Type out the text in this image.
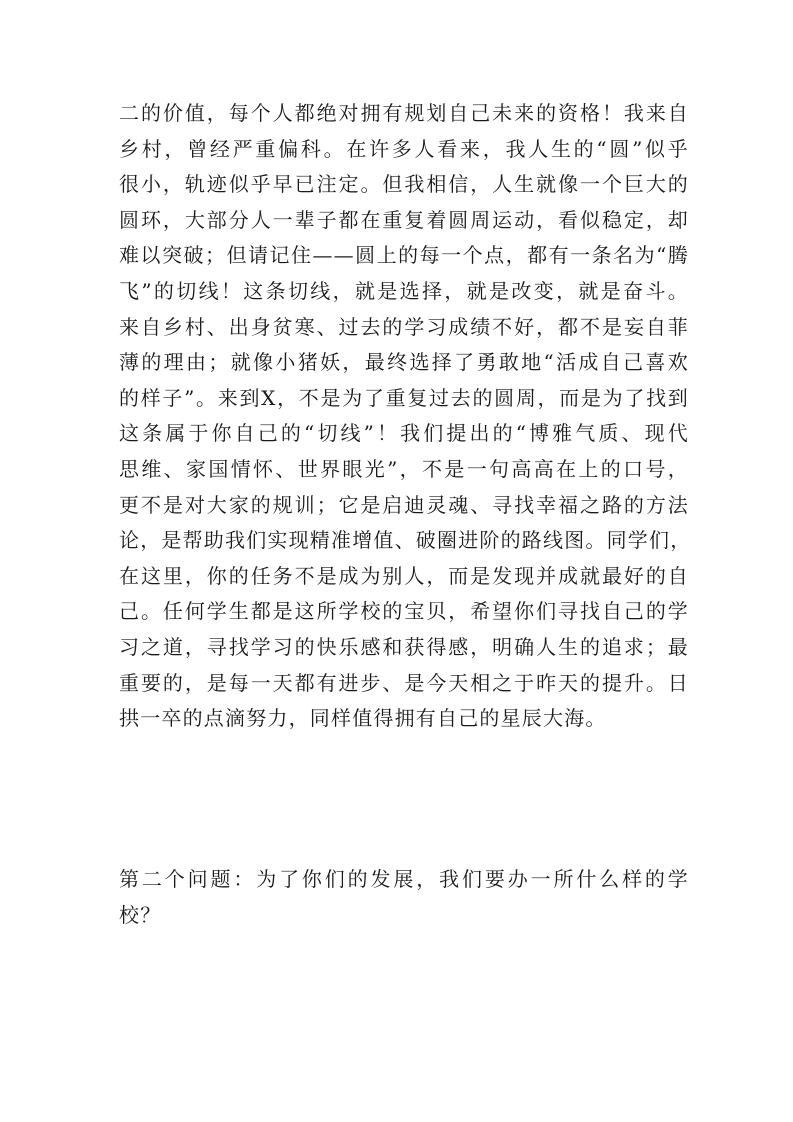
二的价值，每个人都绝对拥有规划自己未来的资格！我来自
乡村，曾经严重偏科。在许多人看来，我人生的“圆”似乎
很小，轨迹似乎早已注定。但我相信，人生就像一个巨大的
圆环，大部分人一辈子都在重复着圆周运动，看似稳定，却
难以突破；但请记住——圆上的每一个点，都有一条名为“腾
飞”的切线！这条切线，就是选择，就是改变，就是奋斗。
来自乡村、出身贫寒、过去的学习成绩不好，都不是妄自菲
薄的理由；就像小猪妖，最终选择了勇敢地“活成自己喜欢
的样子”。来到X，不是为了重复过去的圆周，而是为了找到
这条属于你自己的“切线”！我们提出的“博雅气质、现代
思维、家国情怀、世界眼光”，不是一句高高在上的口号，
更不是对大家的规训；它是启迪灵魂、寻找幸福之路的方法
论，是帮助我们实现精准增值、破圈进阶的路线图。同学们，
在这里，你的任务不是成为别人，而是发现并成就最好的自
己。任何学生都是这所学校的宝贝，希望你们寻找自己的学
习之道，寻找学习的快乐感和获得感，明确人生的追求；最
重要的，是每一天都有进步、是今天相之于昨天的提升。日
拱一卒的点滴努力，同样值得拥有自己的星辰大海。
第二个问题：为了你们的发展，我们要办一所什么样的学
校？
